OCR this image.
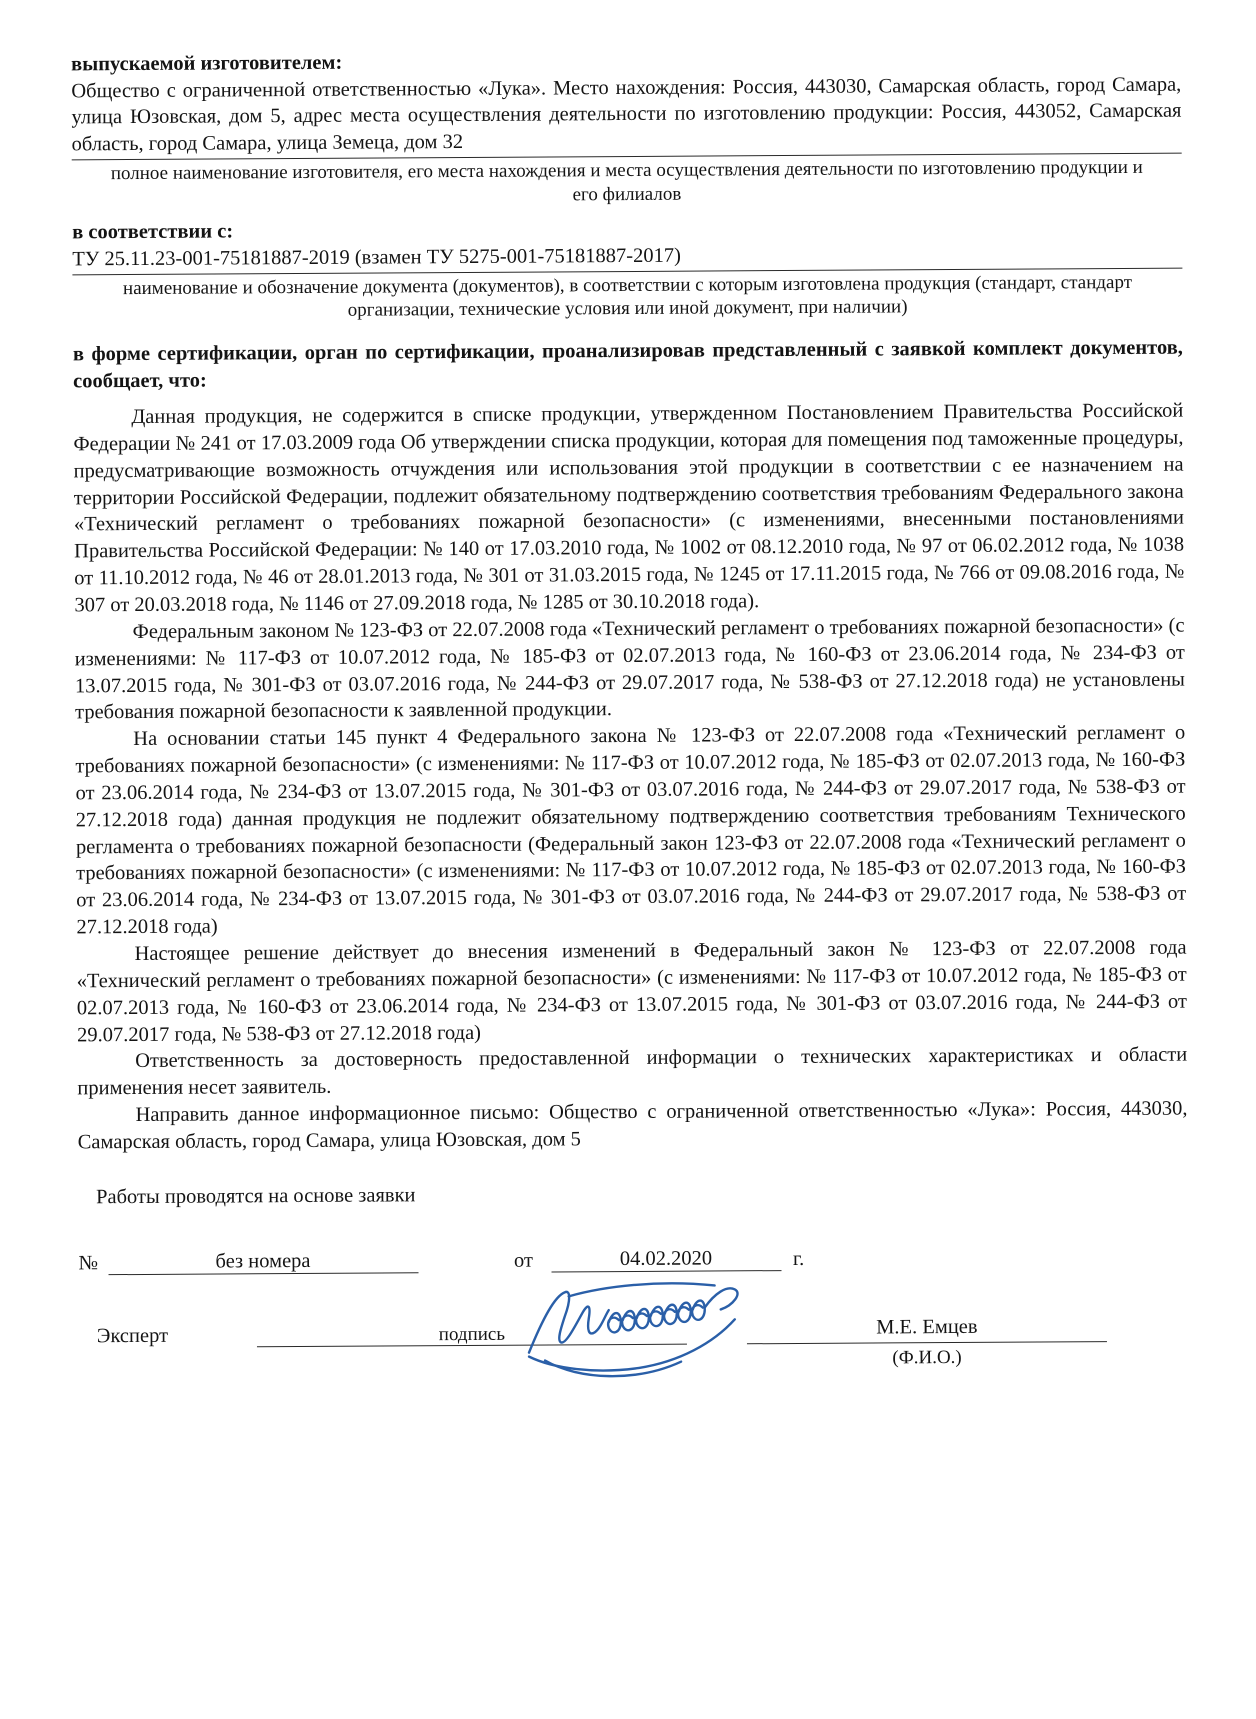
выпускаемой изготовителем:

Общество с ограниченной ответственностью «Лука». Место нахождения: Россия, 443030, Самарская область, город Самара, улица Юзовская, дом 5, адрес места осуществления деятельности по изготовлению продукции: Россия, 443052, Самарская область, город Самара, улица Земеца, дом 32

полное наименование изготовителя, его места нахождения и места осуществления деятельности по изготовлению продукции и его филиалов
в соответствии с:

ТУ 25.11.23-001-75181887-2019 (взамен ТУ 5275-001-75181887-2017)

наименование и обозначение документа (документов), в соответствии с которым изготовлена продукция (стандарт, стандарт организации, технические условия или иной документ, при наличии)

в форме сертификации, орган по сертификации, проанализировав представленный с заявкой комплект документов, сообщает, что:

Данная продукция, не содержится в списке продукции, утвержденном Постановлением Правительства Российской Федерации № 241 от 17.03.2009 года Об утверждении списка продукции, которая для помещения под таможенные процедуры, предусматривающие возможность отчуждения или использования этой продукции в соответствии с ее назначением на территории Российской Федерации, подлежит обязательному подтверждению соответствия требованиям Федерального закона «Технический регламент о требованиях пожарной безопасности» (с изменениями, внесенными постановлениями Правительства Российской Федерации: № 140 от 17.03.2010 года, № 1002 от 08.12.2010 года, № 97 от 06.02.2012 года, № 1038 от 11.10.2012 года, № 46 от 28.01.2013 года, № 301 от 31.03.2015 года, № 1245 от 17.11.2015 года, № 766 от 09.08.2016 года, № 307 от 20.03.2018 года, № 1146 от 27.09.2018 года, № 1285 от 30.10.2018 года).

Федеральным законом № 123-ФЗ от 22.07.2008 года «Технический регламент о требованиях пожарной безопасности» (с изменениями: № 117-ФЗ от 10.07.2012 года, № 185-ФЗ от 02.07.2013 года, № 160-ФЗ от 23.06.2014 года, № 234-ФЗ от 13.07.2015 года, № 301-ФЗ от 03.07.2016 года, № 244-ФЗ от 29.07.2017 года, № 538-ФЗ от 27.12.2018 года) не установлены требования пожарной безопасности к заявленной продукции.

На основании статьи 145 пункт 4 Федерального закона № 123-ФЗ от 22.07.2008 года «Технический регламент о требованиях пожарной безопасности» (с изменениями: № 117-ФЗ от 10.07.2012 года, № 185-ФЗ от 02.07.2013 года, № 160-ФЗ от 23.06.2014 года, № 234-ФЗ от 13.07.2015 года, № 301-ФЗ от 03.07.2016 года, № 244-ФЗ от 29.07.2017 года, № 538-ФЗ от 27.12.2018 года) данная продукция не подлежит обязательному подтверждению соответствия требованиям Технического регламента о требованиях пожарной безопасности (Федеральный закон 123-ФЗ от 22.07.2008 года «Технический регламент о требованиях пожарной безопасности» (с изменениями: № 117-ФЗ от 10.07.2012 года, № 185-ФЗ от 02.07.2013 года, № 160-ФЗ от 23.06.2014 года, № 234-ФЗ от 13.07.2015 года, № 301-ФЗ от 03.07.2016 года, № 244-ФЗ от 29.07.2017 года, № 538-ФЗ от 27.12.2018 года)

Настоящее решение действует до внесения изменений в Федеральный закон № 123-ФЗ от 22.07.2008 года «Технический регламент о требованиях пожарной безопасности» (с изменениями: № 117-ФЗ от 10.07.2012 года, № 185-ФЗ от 02.07.2013 года, № 160-ФЗ от 23.06.2014 года, № 234-ФЗ от 13.07.2015 года, № 301-ФЗ от 03.07.2016 года, № 244-ФЗ от 29.07.2017 года, № 538-ФЗ от 27.12.2018 года)

Ответственность за достоверность предоставленной информации о технических характеристиках и области применения несет заявитель.

Направить данное информационное письмо: Общество с ограниченной ответственностью «Лука»: Россия, 443030, Самарская область, город Самара, улица Юзовская, дом 5

Работы проводятся на основе заявки
№	без номера	от	04.02.2020	г.
Эксперт	подпись	М.Е. Емцев
(Ф.И.О.)
